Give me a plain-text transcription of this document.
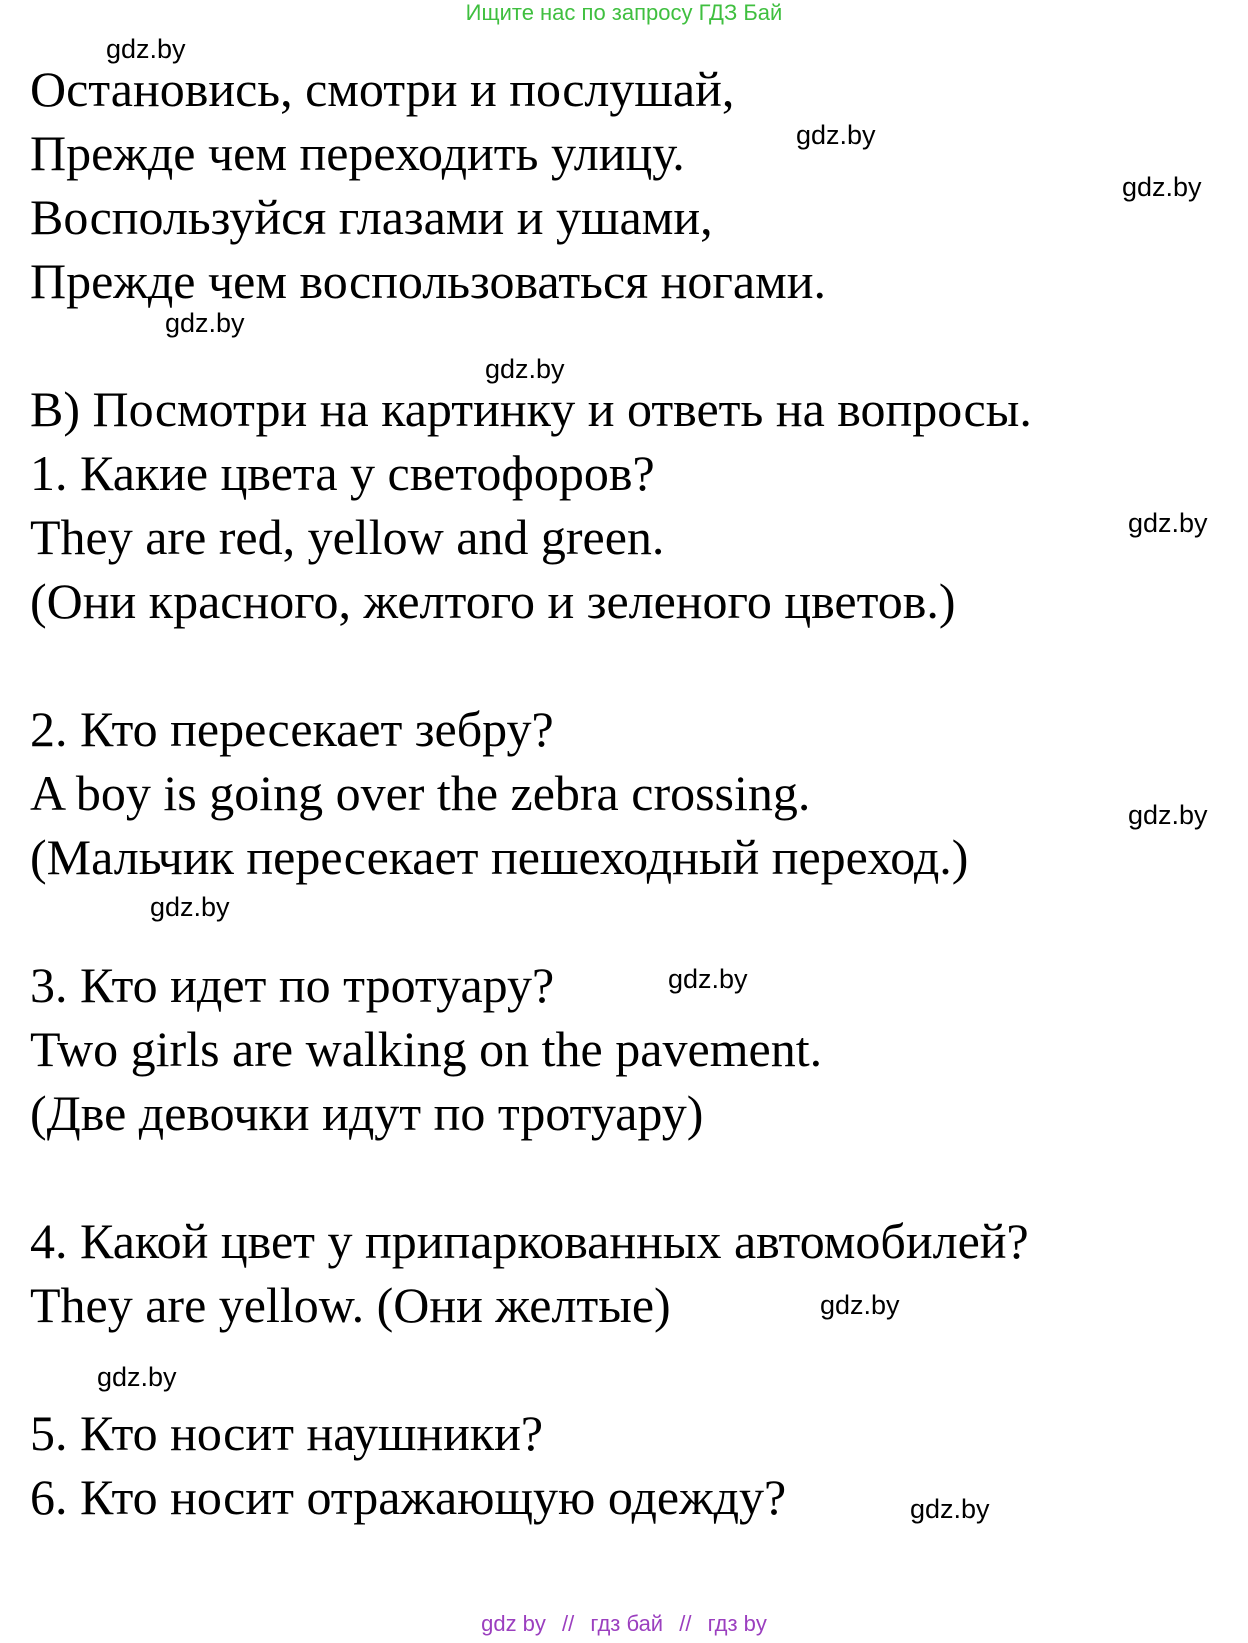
Ищите нас по запросу ГДЗ Бай
Остановись, смотри и послушай,
Прежде чем переходить улицу.
Воспользуйся глазами и ушами,
Прежде чем воспользоваться ногами.
B) Посмотри на картинку и ответь на вопросы.
1. Какие цвета у светофоров?
They are red, yellow and green.
(Они красного, желтого и зеленого цветов.)
2. Кто пересекает зебру?
A boy is going over the zebra crossing.
(Мальчик пересекает пешеходный переход.)
3. Кто идет по тротуару?
Two girls are walking on the pavement.
(Две девочки идут по тротуару)
4. Какой цвет у припаркованных автомобилей?
They are yellow. (Они желтые)
5. Кто носит наушники?
6. Кто носит отражающую одежду?
gdz.by
gdz.by
gdz.by
gdz.by
gdz.by
gdz.by
gdz.by
gdz.by
gdz.by
gdz.by
gdz.by
gdz.by
gdz by // гдз бай // гдз by
